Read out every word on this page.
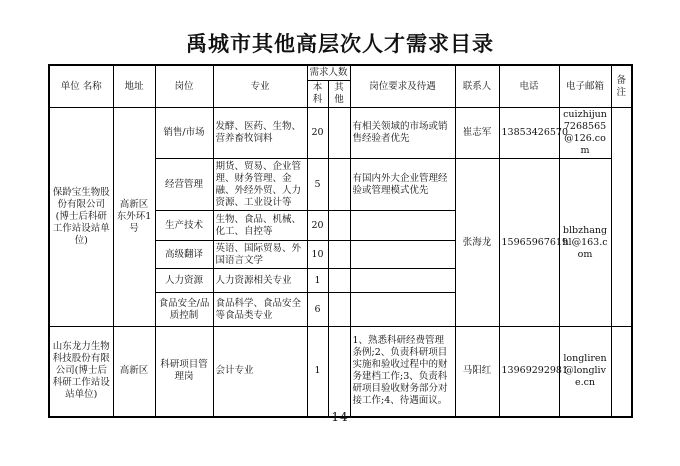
禹城市其他高层次人才需求目录
单位 名称	地址	岗位	专业	需求人数		岗位要求及待遇	联系人	电话	电子邮箱	备注
				本科	其他					
保龄宝生物股份有限公司(博士后科研工作站设站单位)	高新区东外环1号	销售/市场	发酵、医药、生物、营养畜牧饲料	20		有相关领域的市场或销售经验者优先	崔志军	13853426570	cuizhijun7268565@126.com	
		经营管理	期货、贸易、企业管理、财务管理、金融、外经外贸、人力资源、工业设计等	5		有国内外大企业管理经验或管理模式优先	张海龙	15965967619	blbzhanghl@163.com	
		生产技术	生物、食品、机械、化工、自控等	20						
		高级翻译	英语、国际贸易、外国语言文学	10						
		人力资源	人力资源相关专业	1						
		食品安全/品质控制	食品科学、食品安全等食品类专业	6						
山东龙力生物科技股份有限公司(博士后科研工作站设站单位)	高新区	科研项目管理岗	会计专业	1		1、熟悉科研经费管理条例;2、负责科研项目实施和验收过程中的财务建档工作;3、负责科研项目验收财务部分对接工作;4、待遇面议。	马阳红	13969292981	longliren@longlive.cn	
-14-
